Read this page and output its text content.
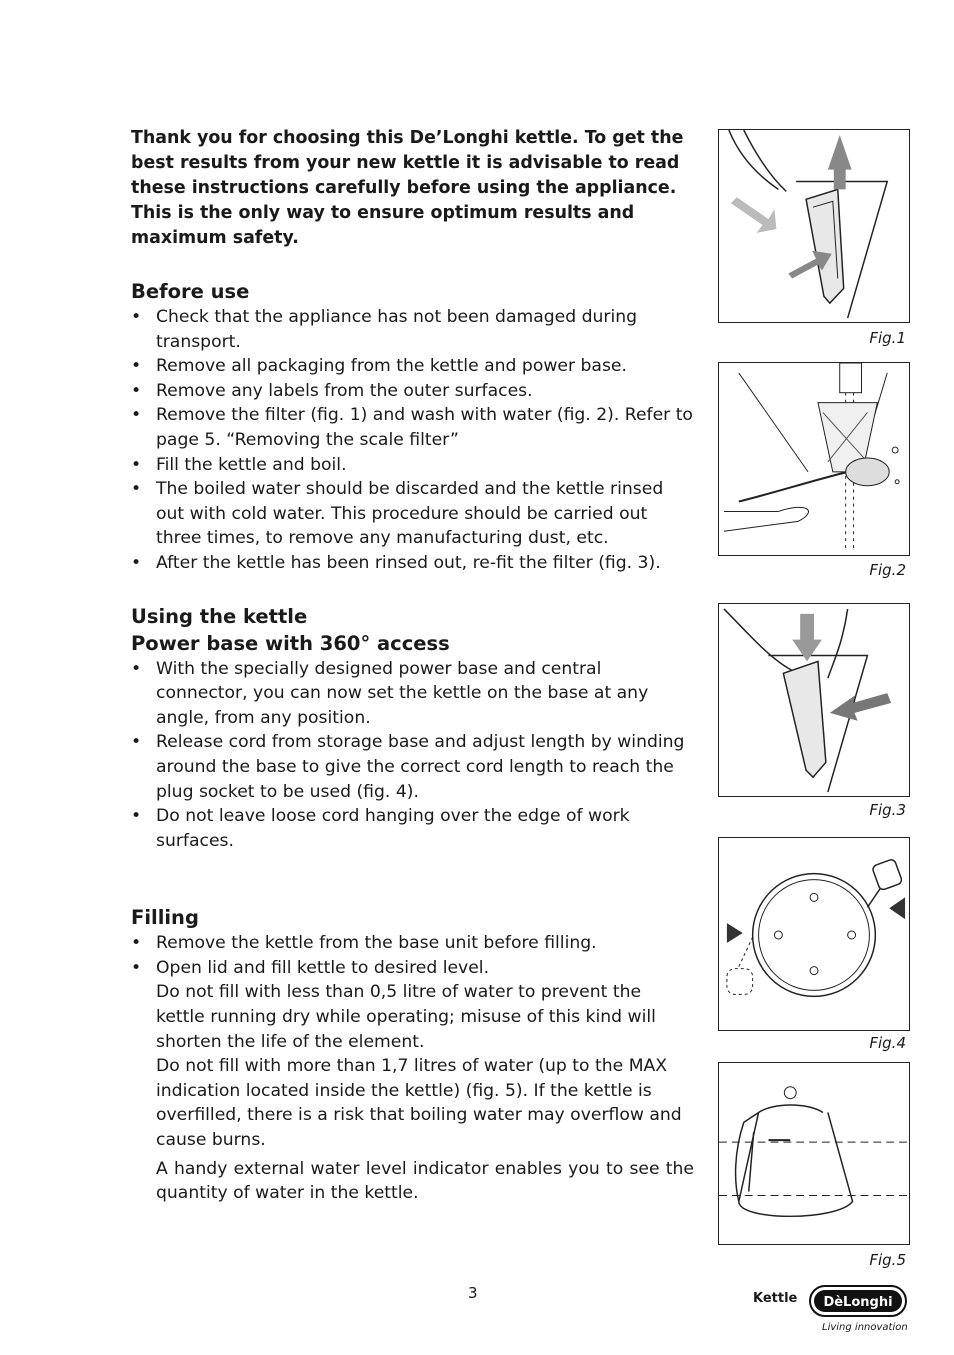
Thank you for choosing this De’Longhi kettle. To get the best results from your new kettle it is advisable to read these instructions carefully before using the appliance. This is the only way to ensure optimum results and maximum safety.

Before use
• Check that the appliance has not been damaged during transport.
• Remove all packaging from the kettle and power base.
• Remove any labels from the outer surfaces.
• Remove the filter (fig. 1) and wash with water (fig. 2). Refer to page 5. “Removing the scale filter”
• Fill the kettle and boil.
• The boiled water should be discarded and the kettle rinsed out with cold water. This procedure should be carried out three times, to remove any manufacturing dust, etc.
• After the kettle has been rinsed out, re-fit the filter (fig. 3).
Using the kettle
Power base with 360° access
• With the specially designed power base and central connector, you can now set the kettle on the base at any angle, from any position.
• Release cord from storage base and adjust length by winding around the base to give the correct cord length to reach the plug socket to be used (fig. 4).
• Do not leave loose cord hanging over the edge of work surfaces.
Filling
• Remove the kettle from the base unit before filling.
• Open lid and fill kettle to desired level.
Do not fill with less than 0,5 litre of water to prevent the kettle running dry while operating; misuse of this kind will shorten the life of the element.
Do not fill with more than 1,7 litres of water (up to the MAX indication located inside the kettle) (fig. 5). If the kettle is overfilled, there is a risk that boiling water may overflow and cause burns.
A handy external water level indicator enables you to see the quantity of water in the kettle.
Fig.1
Fig.2
Fig.3
Fig.4
Fig.5
3	Kettle DèLonghi
Living innovation
